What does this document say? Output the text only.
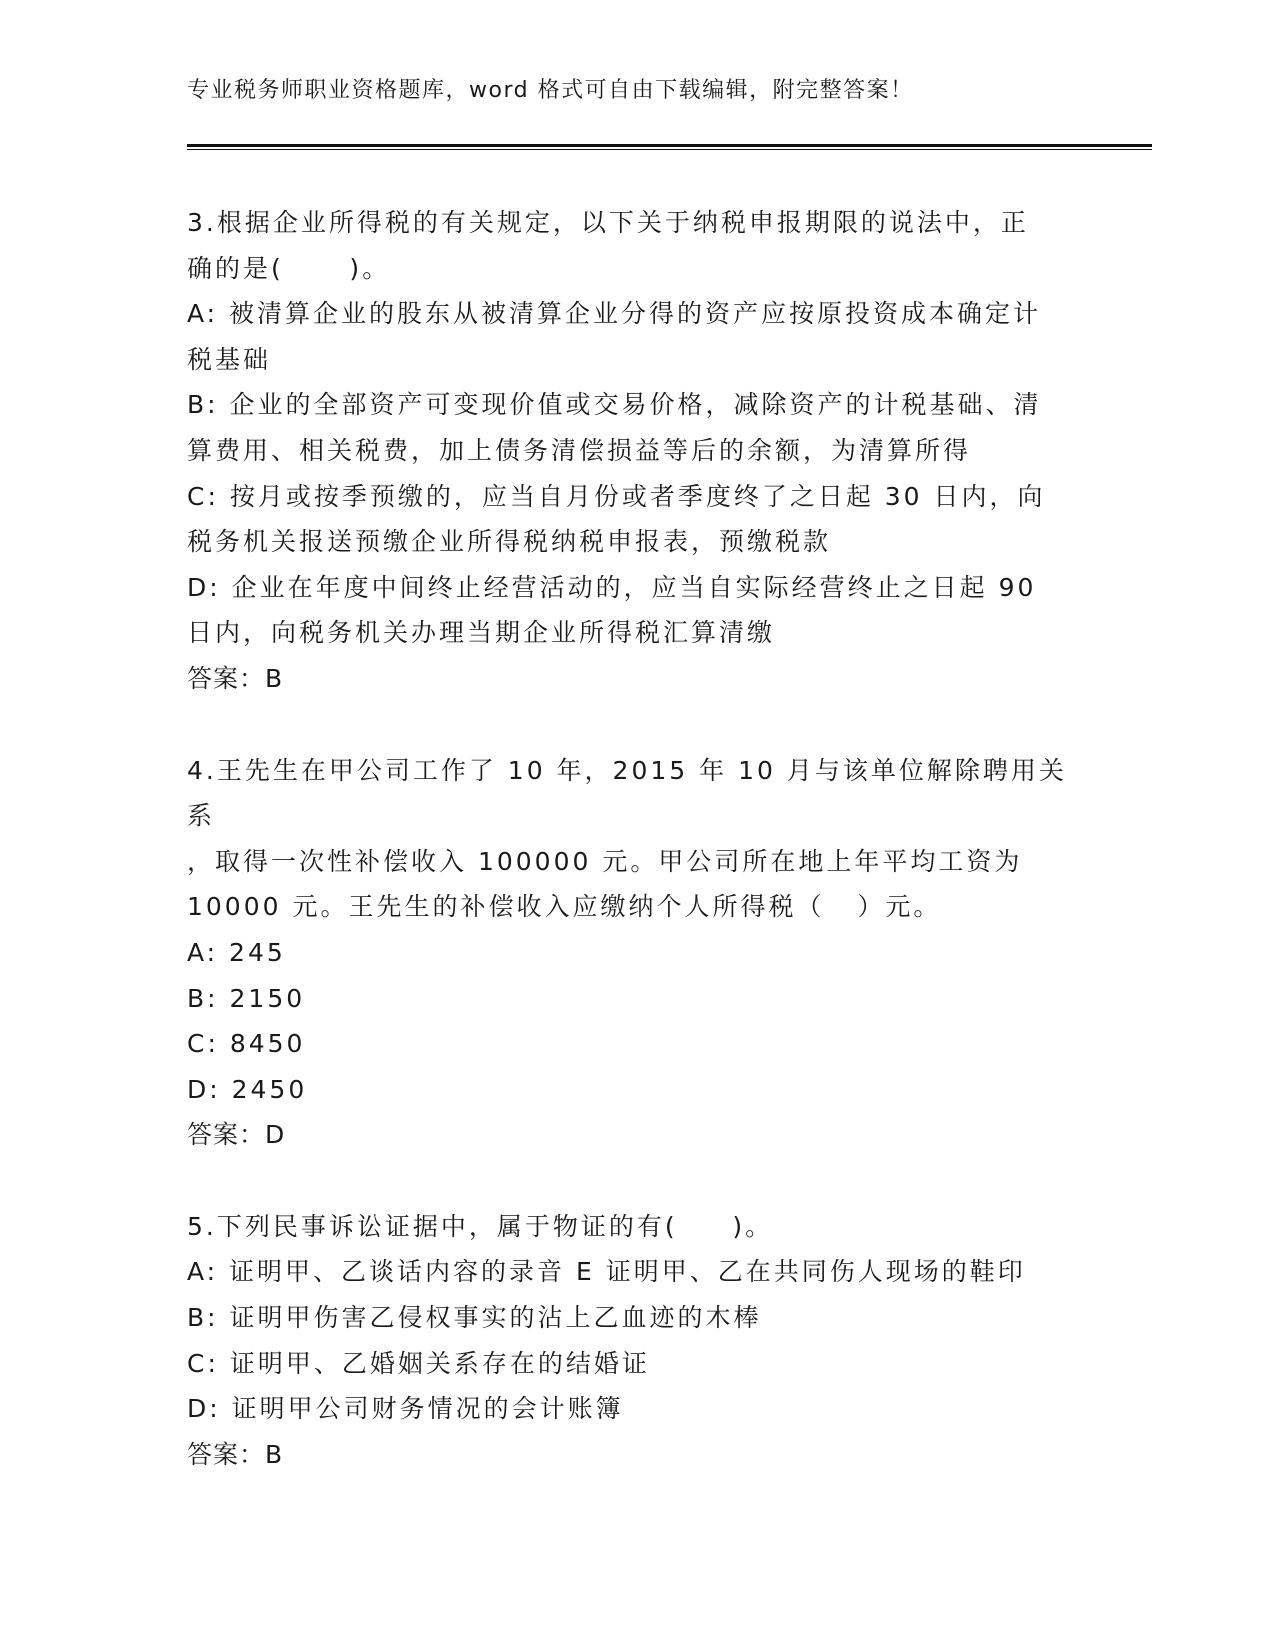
专业税务师职业资格题库，word 格式可自由下载编辑，附完整答案！

3.根据企业所得税的有关规定，以下关于纳税申报期限的说法中，正

确的是(      )。

A: 被清算企业的股东从被清算企业分得的资产应按原投资成本确定计

税基础

B: 企业的全部资产可变现价值或交易价格，减除资产的计税基础、清

算费用、相关税费，加上债务清偿损益等后的余额，为清算所得

C: 按月或按季预缴的，应当自月份或者季度终了之日起 30 日内，向

税务机关报送预缴企业所得税纳税申报表，预缴税款

D: 企业在年度中间终止经营活动的，应当自实际经营终止之日起 90

日内，向税务机关办理当期企业所得税汇算清缴

答案：B

4.王先生在甲公司工作了 10 年，2015 年 10 月与该单位解除聘用关系

，取得一次性补偿收入 100000 元。甲公司所在地上年平均工资为

10000 元。王先生的补偿收入应缴纳个人所得税（   ）元。

A: 245

B: 2150

C: 8450

D: 2450

答案：D

5.下列民事诉讼证据中，属于物证的有(     )。

A: 证明甲、乙谈话内容的录音 E 证明甲、乙在共同伤人现场的鞋印

B: 证明甲伤害乙侵权事实的沾上乙血迹的木棒

C: 证明甲、乙婚姻关系存在的结婚证

D: 证明甲公司财务情况的会计账簿

答案：B
